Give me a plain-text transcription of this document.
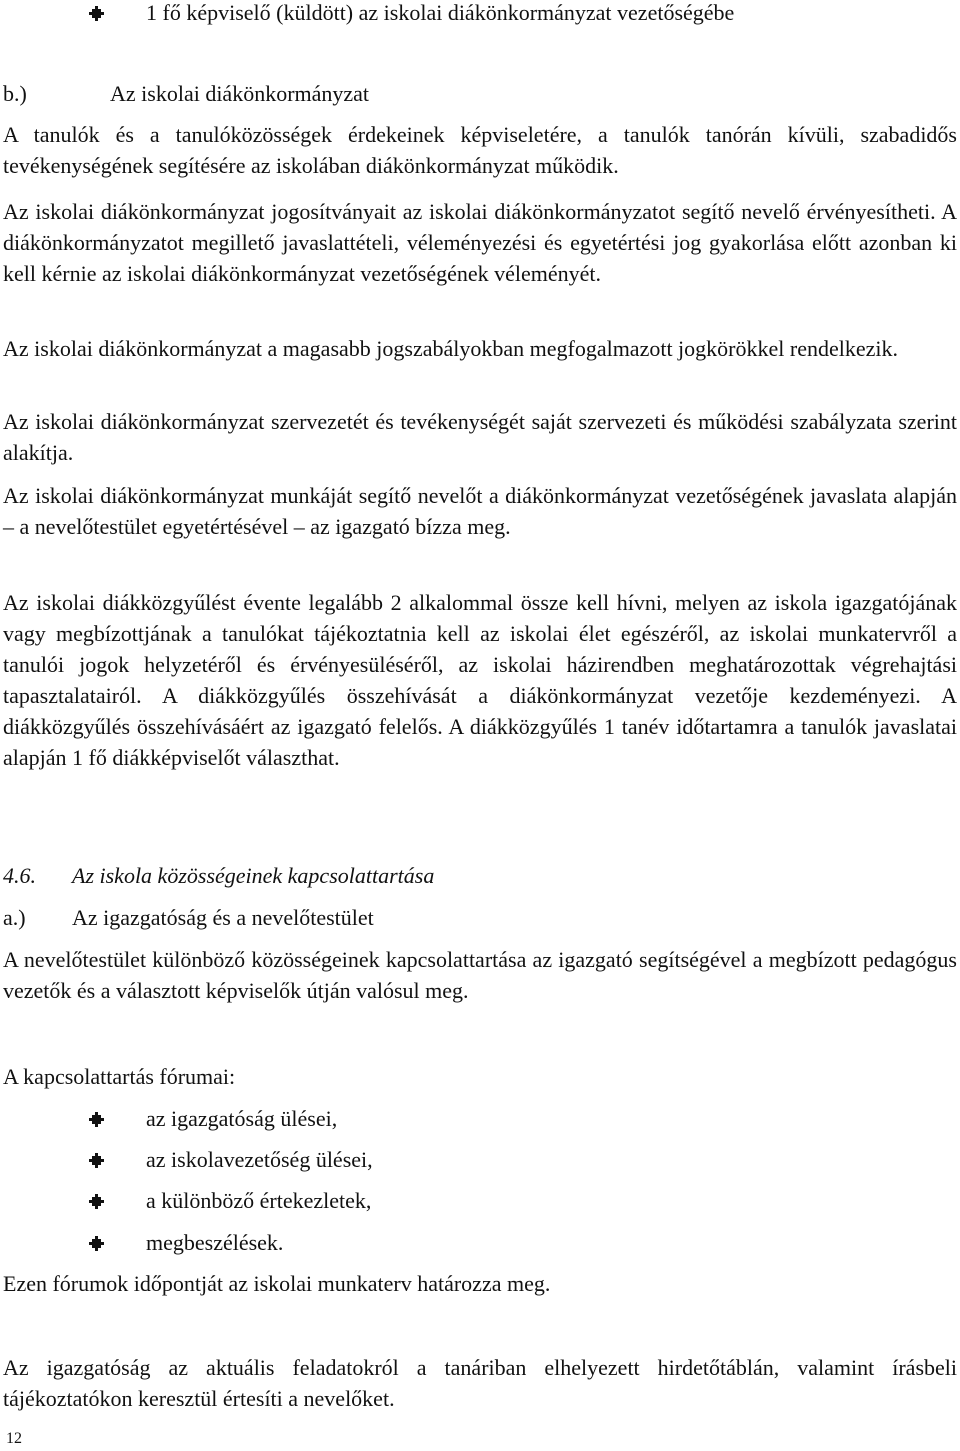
1 fő képviselő (küldött) az iskolai diákönkormányzat vezetőségébe
b.)	Az iskolai diákönkormányzat

A tanulók és a tanulóközösségek érdekeinek képviseletére, a tanulók tanórán kívüli, szabadidős tevékenységének segítésére az iskolában diákönkormányzat működik.

Az iskolai diákönkormányzat jogosítványait az iskolai diákönkormányzatot segítő nevelő érvényesítheti. A diákönkormányzatot megillető javaslattételi, véleményezési és egyetértési jog gyakorlása előtt azonban ki kell kérnie az iskolai diákönkormányzat vezetőségének véleményét.

Az iskolai diákönkormányzat a magasabb jogszabályokban megfogalmazott jogkörökkel rendelkezik.

Az iskolai diákönkormányzat szervezetét és tevékenységét saját szervezeti és működési szabályzata szerint alakítja.

Az iskolai diákönkormányzat munkáját segítő nevelőt a diákönkormányzat vezetőségének javaslata alapján – a nevelőtestület egyetértésével – az igazgató bízza meg.

Az iskolai diákközgyűlést évente legalább 2 alkalommal össze kell hívni, melyen az iskola igazgatójának vagy megbízottjának a tanulókat tájékoztatnia kell az iskolai élet egészéről, az iskolai munkatervről a tanulói jogok helyzetéről és érvényesüléséről, az iskolai házirendben meghatározottak végrehajtási tapasztalatairól. A diákközgyűlés összehívását a diákönkormányzat vezetője kezdeményezi. A diákközgyűlés összehívásáért az igazgató felelős. A diákközgyűlés 1 tanév időtartamra a tanulók javaslatai alapján 1 fő diákképviselőt választhat.

4.6. Az iskola közösségeinek kapcsolattartása
a.) Az igazgatóság és a nevelőtestület

A nevelőtestület különböző közösségeinek kapcsolattartása az igazgató segítségével a megbízott pedagógus vezetők és a választott képviselők útján valósul meg.

A kapcsolattartás fórumai:
az igazgatóság ülései,
az iskolavezetőség ülései,
a különböző értekezletek,
megbeszélések.
Ezen fórumok időpontját az iskolai munkaterv határozza meg.

Az igazgatóság az aktuális feladatokról a tanáriban elhelyezett hirdetőtáblán, valamint írásbeli tájékoztatókon keresztül értesíti a nevelőket.

12
